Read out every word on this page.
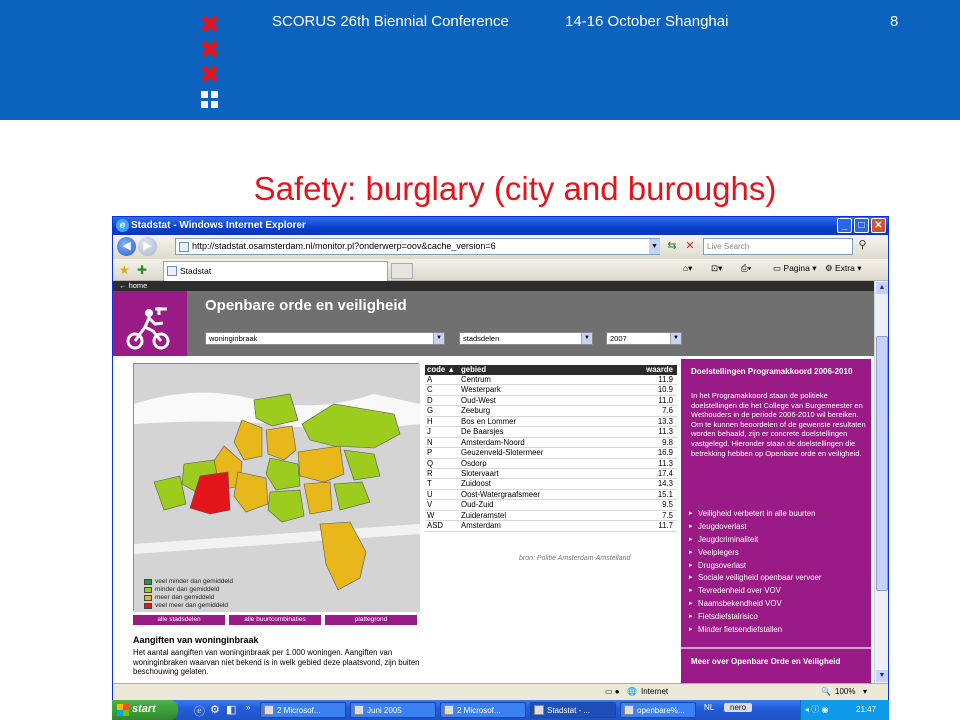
✖
✖
✖
SCORUS 26th Biennial Conference	14-16 October Shanghai	8
Safety: burglary (city and buroughs)
e Stadstat - Windows Internet Explorer	_	□ ✕
◀	▶	http://stadstat.osamsterdam.nl/monitor.pl?onderwerp=oov&cache_version=6	▼ ⇆ ✕	Live Search	⚲
★ ✚	Stadstat	⌂▾ ⊡▾ ⎙▾	▭ Pagina ▾ ⚙ Extra ▾
← home
Openbare orde en veiligheid
woninginbraak	▼	stadsdelen	▼	2007	▼
veel minder dan gemiddeld
minder dan gemiddeld
meer dan gemiddeld
veel meer dan gemiddeld
alle stadsdelen	alle buurtcombinaties	plattegrond
Aangiften van woninginbraak
Het aantal aangiften van woninginbraak per 1.000 woningen. Aangiften van woninginbraken waarvan niet bekend is in welk gebied deze plaatsvond, zijn buiten beschouwing gelaten.
code ▲ gebied	waarde
A	Centrum	11.9
C	Westerpark	10.9
D	Oud-West	11.0
G	Zeeburg	7.6
H	Bos en Lommer	13.3
J	De Baarsjes	11.3
N	Amsterdam-Noord	9.8
P	Geuzenveld-Slotermeer	16.9
Q	Osdorp	11.3
R	Slotervaart	17.4
T	Zuidoost	14.3
U	Oost-Watergraafsmeer	15.1
V	Oud-Zuid	9.5
W	Zuideramstel	7.5
ASD	Amsterdam	11.7
bron: Politie Amsterdam-Amstelland
Doelstellingen Programakkoord 2006-2010
In het Programakkoord staan de politieke doelstellingen die het College van Burgemeester en Wethouders in de periode 2006-2010 wil bereiken. Om te kunnen beoordelen of de gewenste resultaten worden behaald, zijn er concrete doelstellingen vastgelegd. Hieronder staan de doelstellingen die betrekking hebben op Openbare orde en veiligheid.
▸ Veiligheid verbetert in alle buurten
▸ Jeugdoverlast
▸ Jeugdcriminaliteit
▸ Veelplegers
▸ Drugsoverlast
▸ Sociale veiligheid openbaar vervoer
▸ Tevredenheid over VOV
▸ Naamsbekendheid VOV
▸ Fietsdiefstalrisico
▸ Minder fietsendiefstallen
Meer over Openbare Orde en Veiligheid
▲
▼
▭ ● 🌐 Internet	🔍 100% ▾
start	ⓔ ⚙ ◧ »	2 Microsof...	Juni 2005	2 Microsof...	Stadstat - ...	openbare%...	NL	nero	◂ ⓘ ◉	21:47
